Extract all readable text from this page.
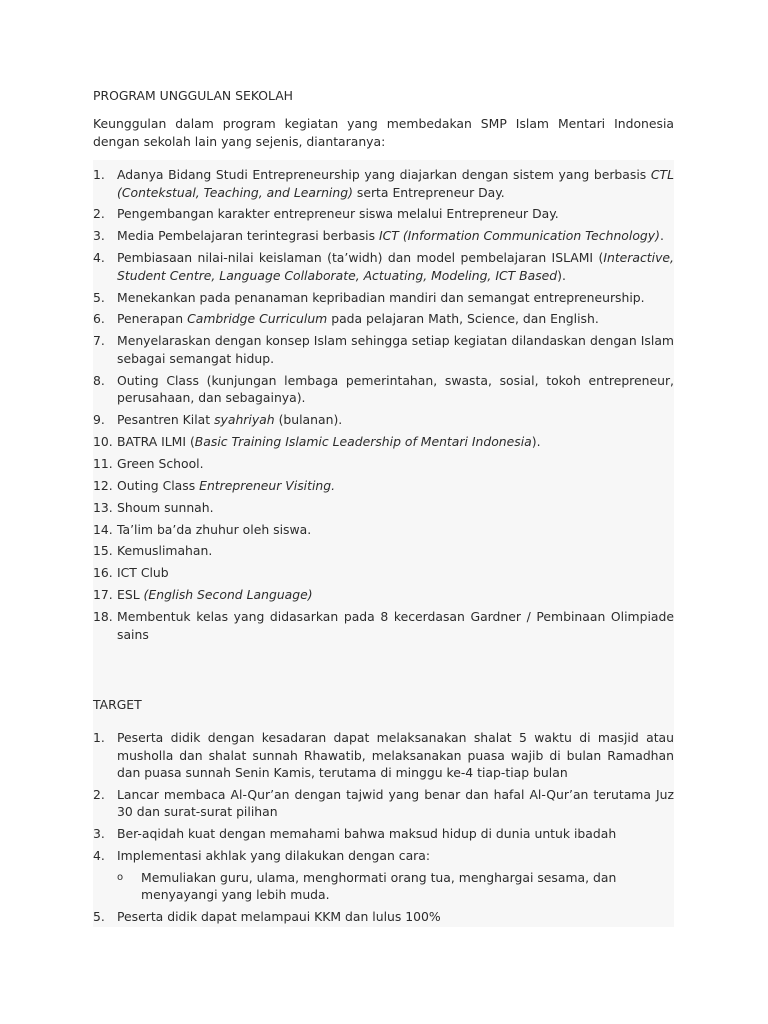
PROGRAM UNGGULAN SEKOLAH

Keunggulan dalam program kegiatan yang membedakan SMP Islam Mentari Indonesia dengan sekolah lain yang sejenis, diantaranya:

1. Adanya Bidang Studi Entrepreneurship yang diajarkan dengan sistem yang berbasis CTL (Contekstual, Teaching, and Learning) serta Entrepreneur Day.
2. Pengembangan karakter entrepreneur siswa melalui Entrepreneur Day.
3. Media Pembelajaran terintegrasi berbasis ICT (Information Communication Technology).
4. Pembiasaan nilai-nilai keislaman (ta’widh) dan model pembelajaran ISLAMI (Interactive, Student Centre, Language Collaborate, Actuating, Modeling, ICT Based).
5. Menekankan pada penanaman kepribadian mandiri dan semangat entrepreneurship.
6. Penerapan Cambridge Curriculum pada pelajaran Math, Science, dan English.
7. Menyelaraskan dengan konsep Islam sehingga setiap kegiatan dilandaskan dengan Islam sebagai semangat hidup.
8. Outing Class (kunjungan lembaga pemerintahan, swasta, sosial, tokoh entrepreneur, perusahaan, dan sebagainya).
9. Pesantren Kilat syahriyah (bulanan).
10. BATRA ILMI (Basic Training Islamic Leadership of Mentari Indonesia).
11. Green School.
12. Outing Class Entrepreneur Visiting.
13. Shoum sunnah.
14. Ta’lim ba’da zhuhur oleh siswa.
15. Kemuslimahan.
16. ICT Club
17. ESL (English Second Language)
18. Membentuk kelas yang didasarkan pada 8 kecerdasan Gardner / Pembinaan Olimpiade sains

TARGET

1. Peserta didik dengan kesadaran dapat melaksanakan shalat 5 waktu di masjid atau musholla dan shalat sunnah Rhawatib, melaksanakan puasa wajib di bulan Ramadhan dan puasa sunnah Senin Kamis, terutama di minggu ke-4 tiap-tiap bulan
2. Lancar membaca Al-Qur’an dengan tajwid yang benar dan hafal Al-Qur’an terutama Juz 30 dan surat-surat pilihan
3. Ber-aqidah kuat dengan memahami bahwa maksud hidup di dunia untuk ibadah
4. Implementasi akhlak yang dilakukan dengan cara:
o Memuliakan guru, ulama, menghormati orang tua, menghargai sesama, dan menyayangi yang lebih muda.
5. Peserta didik dapat melampaui KKM dan lulus 100%
